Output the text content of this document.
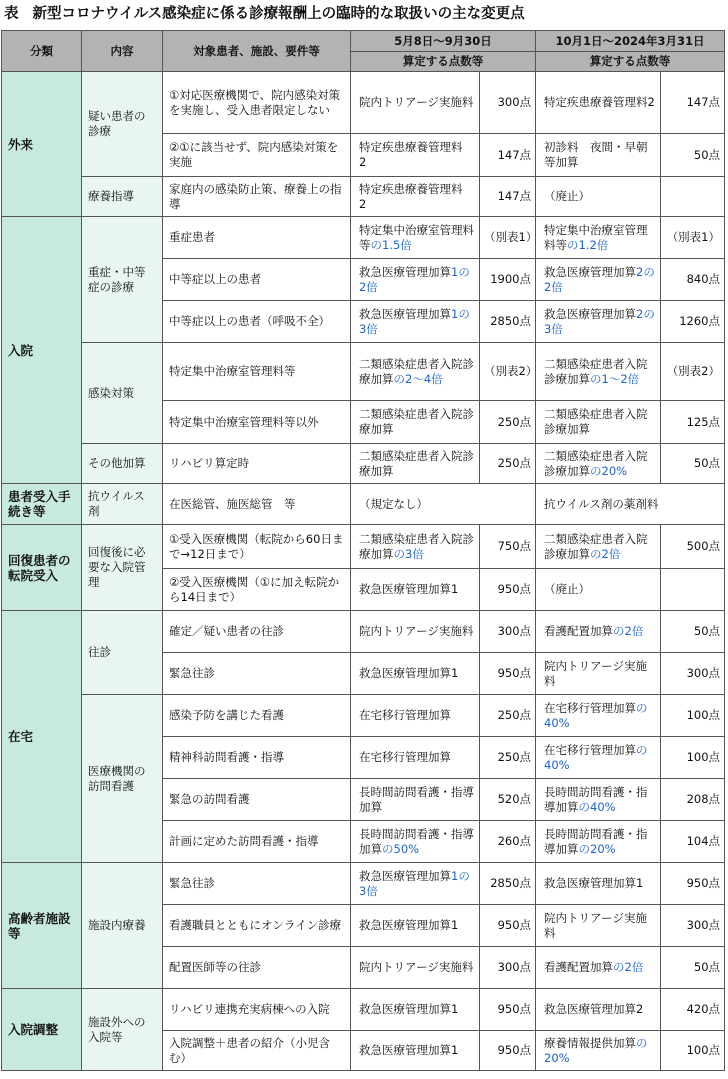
表 新型コロナウイルス感染症に係る診療報酬上の臨時的な取扱いの主な変更点
分類	内容	対象患者、施設、要件等	5月8日～9月30日		10月1日～2024年3月31日	
			算定する点数等		算定する点数等	
外来	疑い患者の診療	①対応医療機関で、院内感染対策を実施し、受入患者限定しない	院内トリアージ実施料	300点	特定疾患療養管理料2	147点
		②①に該当せず、院内感染対策を実施	特定疾患療養管理料　2	147点	初診料　夜間・早朝等加算	50点
	療養指導	家庭内の感染防止策、療養上の指導	特定疾患療養管理料　2	147点	（廃止）	
入院	重症・中等症の診療	重症患者	特定集中治療室管理料等の1.5倍	（別表1）	特定集中治療室管理料等の1.2倍	（別表1）
		中等症以上の患者	救急医療管理加算1の2倍	1900点	救急医療管理加算2の2倍	840点
		中等症以上の患者（呼吸不全）	救急医療管理加算1の3倍	2850点	救急医療管理加算2の3倍	1260点
	感染対策	特定集中治療室管理料等	二類感染症患者入院診療加算の2～4倍	（別表2）	二類感染症患者入院診療加算の1～2倍	（別表2）
		特定集中治療室管理料等以外	二類感染症患者入院診療加算	250点	二類感染症患者入院診療加算	125点
	その他加算	リハビリ算定時	二類感染症患者入院診療加算	250点	二類感染症患者入院診療加算の20%	50点
患者受入手続き等	抗ウイルス剤	在医総管、施医総管　等	（規定なし）		抗ウイルス剤の薬剤料	
回復患者の転院受入	回復後に必要な入院管理	①受入医療機関（転院から60日まで→12日まで）	二類感染症患者入院診療加算の3倍	750点	二類感染症患者入院診療加算の2倍	500点
		②受入医療機関（①に加え転院から14日まで）	救急医療管理加算1	950点	（廃止）	
在宅	往診	確定／疑い患者の往診	院内トリアージ実施料	300点	看護配置加算の2倍	50点
		緊急往診	救急医療管理加算1	950点	院内トリアージ実施料	300点
	医療機関の訪問看護	感染予防を講じた看護	在宅移行管理加算	250点	在宅移行管理加算の40%	100点
		精神科訪問看護・指導	在宅移行管理加算	250点	在宅移行管理加算の40%	100点
		緊急の訪問看護	長時間訪問看護・指導加算	520点	長時間訪問看護・指導加算の40%	208点
		計画に定めた訪問看護・指導	長時間訪問看護・指導加算の50%	260点	長時間訪問看護・指導加算の20%	104点
高齢者施設等	施設内療養	緊急往診	救急医療管理加算1の3倍	2850点	救急医療管理加算1	950点
		看護職員とともにオンライン診療	救急医療管理加算1	950点	院内トリアージ実施料	300点
		配置医師等の往診	院内トリアージ実施料	300点	看護配置加算の2倍	50点
入院調整	施設外への入院等	リハビリ連携充実病棟への入院	救急医療管理加算1	950点	救急医療管理加算2	420点
		入院調整＋患者の紹介（小児含む）	救急医療管理加算1	950点	療養情報提供加算の20%	100点
